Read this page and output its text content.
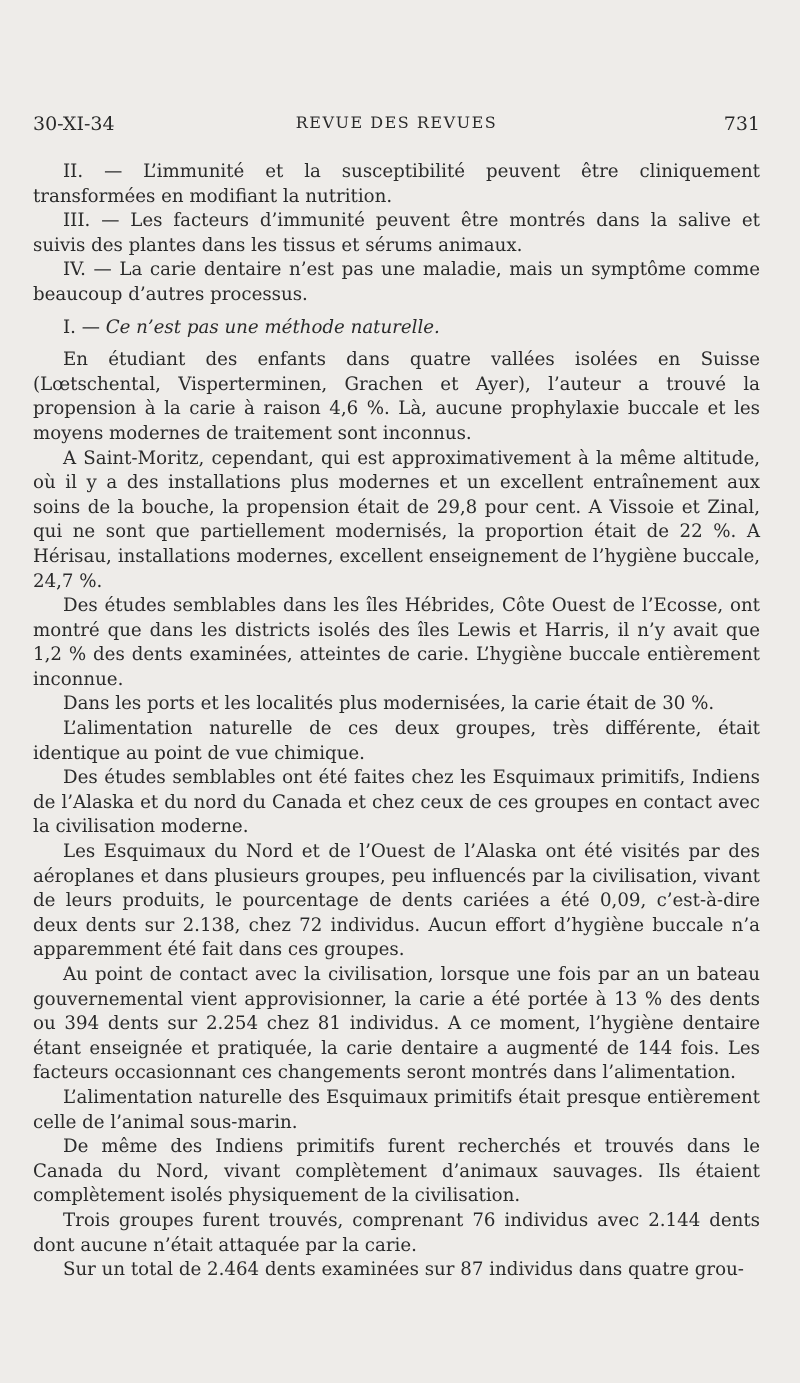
30-XI-34	REVUE DES REVUES	731

II. — L’immunité et la susceptibilité peuvent être cliniquement transformées en modifiant la nutrition.

III. — Les facteurs d’immunité peuvent être montrés dans la salive et suivis des plantes dans les tissus et sérums animaux.

IV. — La carie dentaire n’est pas une maladie, mais un symptôme comme beaucoup d’autres processus.

I. — Ce n’est pas une méthode naturelle.

En étudiant des enfants dans quatre vallées isolées en Suisse (Lœtschental, Visperterminen, Grachen et Ayer), l’auteur a trouvé la propension à la carie à raison 4,6 %. Là, aucune prophylaxie buccale et les moyens modernes de traitement sont inconnus.

A Saint-Moritz, cependant, qui est approximativement à la même altitude, où il y a des installations plus modernes et un excellent entraînement aux soins de la bouche, la propension était de 29,8 pour cent. A Vissoie et Zinal, qui ne sont que partiellement modernisés, la proportion était de 22 %. A Hérisau, installations modernes, excellent enseignement de l’hygiène buccale, 24,7 %.

Des études semblables dans les îles Hébrides, Côte Ouest de l’Ecosse, ont montré que dans les districts isolés des îles Lewis et Harris, il n’y avait que 1,2 % des dents examinées, atteintes de carie. L’hygiène buccale entièrement inconnue.

Dans les ports et les localités plus modernisées, la carie était de 30 %.

L’alimentation naturelle de ces deux groupes, très différente, était identique au point de vue chimique.

Des études semblables ont été faites chez les Esquimaux primitifs, Indiens de l’Alaska et du nord du Canada et chez ceux de ces groupes en contact avec la civilisation moderne.

Les Esquimaux du Nord et de l’Ouest de l’Alaska ont été visités par des aéroplanes et dans plusieurs groupes, peu influencés par la civilisation, vivant de leurs produits, le pourcentage de dents cariées a été 0,09, c’est-à-dire deux dents sur 2.138, chez 72 individus. Aucun effort d’hygiène buccale n’a apparemment été fait dans ces groupes.

Au point de contact avec la civilisation, lorsque une fois par an un bateau gouvernemental vient approvisionner, la carie a été portée à 13 % des dents ou 394 dents sur 2.254 chez 81 individus. A ce moment, l’hygiène dentaire étant enseignée et pratiquée, la carie dentaire a augmenté de 144 fois. Les facteurs occasionnant ces changements seront montrés dans l’alimentation.

L’alimentation naturelle des Esquimaux primitifs était presque entièrement celle de l’animal sous-marin.

De même des Indiens primitifs furent recherchés et trouvés dans le Canada du Nord, vivant complètement d’animaux sauvages. Ils étaient complètement isolés physiquement de la civilisation.

Trois groupes furent trouvés, comprenant 76 individus avec 2.144 dents dont aucune n’était attaquée par la carie.

Sur un total de 2.464 dents examinées sur 87 individus dans quatre grou-
